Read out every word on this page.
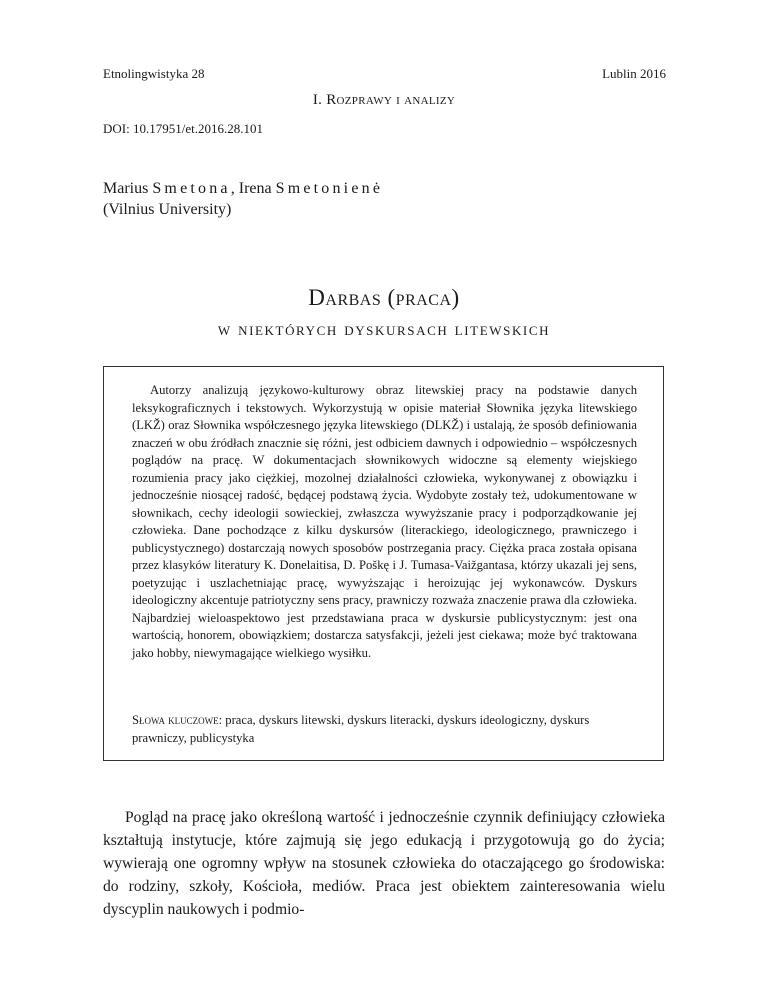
Etnolingwistyka 28	Lublin 2016
I. Rozprawy i analizy
DOI: 10.17951/et.2016.28.101
Marius Smetona, Irena Smetonienė
(Vilnius University)
Darbas (praca)
w niektórych dyskursach litewskich

Autorzy analizują językowo-kulturowy obraz litewskiej pracy na podstawie danych leksykograficznych i tekstowych. Wykorzystują w opisie materiał Słownika języka litewskiego (LKŽ) oraz Słownika współczesnego języka litewskiego (DLKŽ) i ustalają, że sposób definiowania znaczeń w obu źródłach znacznie się różni, jest odbiciem dawnych i odpowiednio – współczesnych poglądów na pracę. W dokumentacjach słownikowych widoczne są elementy wiejskiego rozumienia pracy jako ciężkiej, mozolnej działalności człowieka, wykonywanej z obowiązku i jednocześnie niosącej radość, będącej podstawą życia. Wydobyte zostały też, udokumentowane w słownikach, cechy ideologii sowieckiej, zwłaszcza wywyższanie pracy i podporządkowanie jej człowieka. Dane pochodzące z kilku dyskursów (literackiego, ideologicznego, prawniczego i publicystycznego) dostarczają nowych sposobów postrzegania pracy. Ciężka praca została opisana przez klasyków literatury K. Donelaitisa, D. Poškę i J. Tumasa-Vaižgantasa, którzy ukazali jej sens, poetyzując i uszlachetniając pracę, wywyższając i heroizując jej wykonawców. Dyskurs ideologiczny akcentuje patriotyczny sens pracy, prawniczy rozważa znaczenie prawa dla człowieka. Najbardziej wieloaspektowo jest przedstawiana praca w dyskursie publicystycznym: jest ona wartością, honorem, obowiązkiem; dostarcza satysfakcji, jeżeli jest ciekawa; może być traktowana jako hobby, niewymagające wielkiego wysiłku.

Słowa kluczowe: praca, dyskurs litewski, dyskurs literacki, dyskurs ideologiczny, dyskurs prawniczy, publicystyka

Pogląd na pracę jako określoną wartość i jednocześnie czynnik definiujący człowieka kształtują instytucje, które zajmują się jego edukacją i przygotowują go do życia; wywierają one ogromny wpływ na stosunek człowieka do otaczającego go środowiska: do rodziny, szkoły, Kościoła, mediów. Praca jest obiektem zainteresowania wielu dyscyplin naukowych i podmio-
